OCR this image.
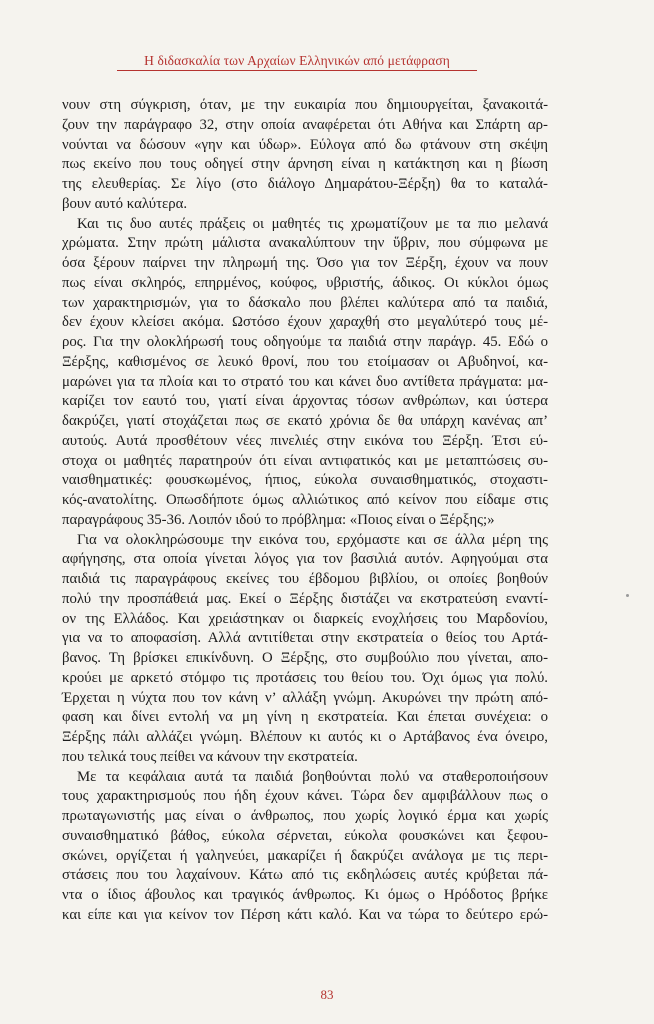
Η διδασκαλία των Αρχαίων Ελληνικών από μετάφραση
νουν στη σύγκριση, όταν, με την ευκαιρία που δημιουργείται, ξανακοιτά-
ζουν την παράγραφο 32, στην οποία αναφέρεται ότι Αθήνα και Σπάρτη αρ-
νούνται να δώσουν «γην και ύδωρ». Εύλογα από δω φτάνουν στη σκέψη
πως εκείνο που τους οδηγεί στην άρνηση είναι η κατάκτηση και η βίωση
της ελευθερίας. Σε λίγο (στο διάλογο Δημαράτου-Ξέρξη) θα το καταλά-
βουν αυτό καλύτερα.
Και τις δυο αυτές πράξεις οι μαθητές τις χρωματίζουν με τα πιο μελανά
χρώματα. Στην πρώτη μάλιστα ανακαλύπτουν την ὕβριν, που σύμφωνα με
όσα ξέρουν παίρνει την πληρωμή της. Όσο για τον Ξέρξη, έχουν να πουν
πως είναι σκληρός, επηρμένος, κούφος, υβριστής, άδικος. Οι κύκλοι όμως
των χαρακτηρισμών, για το δάσκαλο που βλέπει καλύτερα από τα παιδιά,
δεν έχουν κλείσει ακόμα. Ωστόσο έχουν χαραχθή στο μεγαλύτερό τους μέ-
ρος. Για την ολοκλήρωσή τους οδηγούμε τα παιδιά στην παράγρ. 45. Εδώ ο
Ξέρξης, καθισμένος σε λευκό θρονί, που του ετοίμασαν οι Αβυδηνοί, κα-
μαρώνει για τα πλοία και το στρατό του και κάνει δυο αντίθετα πράγματα: μα-
καρίζει τον εαυτό του, γιατί είναι άρχοντας τόσων ανθρώπων, και ύστερα
δακρύζει, γιατί στοχάζεται πως σε εκατό χρόνια δε θα υπάρχη κανένας απ’
αυτούς. Αυτά προσθέτουν νέες πινελιές στην εικόνα του Ξέρξη. Έτσι εύ-
στοχα οι μαθητές παρατηρούν ότι είναι αντιφατικός και με μεταπτώσεις συ-
ναισθηματικές: φουσκωμένος, ήπιος, εύκολα συναισθηματικός, στοχαστι-
κός-ανατολίτης. Οπωσδήποτε όμως αλλιώτικος από κείνον που είδαμε στις
παραγράφους 35-36. Λοιπόν ιδού το πρόβλημα: «Ποιος είναι ο Ξέρξης;»
Για να ολοκληρώσουμε την εικόνα του, ερχόμαστε και σε άλλα μέρη της
αφήγησης, στα οποία γίνεται λόγος για τον βασιλιά αυτόν. Αφηγούμαι στα
παιδιά τις παραγράφους εκείνες του έβδομου βιβλίου, οι οποίες βοηθούν
πολύ την προσπάθειά μας. Εκεί ο Ξέρξης διστάζει να εκστρατεύση εναντί-
ον της Ελλάδος. Και χρειάστηκαν οι διαρκείς ενοχλήσεις του Μαρδονίου,
για να το αποφασίση. Αλλά αντιτίθεται στην εκστρατεία ο θείος του Αρτά-
βανος. Τη βρίσκει επικίνδυνη. Ο Ξέρξης, στο συμβούλιο που γίνεται, απο-
κρούει με αρκετό στόμφο τις προτάσεις του θείου του. Όχι όμως για πολύ.
Έρχεται η νύχτα που τον κάνη ν’ αλλάξη γνώμη. Ακυρώνει την πρώτη από-
φαση και δίνει εντολή να μη γίνη η εκστρατεία. Και έπεται συνέχεια: ο
Ξέρξης πάλι αλλάζει γνώμη. Βλέπουν κι αυτός κι ο Αρτάβανος ένα όνειρο,
που τελικά τους πείθει να κάνουν την εκστρατεία.
Με τα κεφάλαια αυτά τα παιδιά βοηθούνται πολύ να σταθεροποιήσουν
τους χαρακτηρισμούς που ήδη έχουν κάνει. Τώρα δεν αμφιβάλλουν πως ο
πρωταγωνιστής μας είναι ο άνθρωπος, που χωρίς λογικό έρμα και χωρίς
συναισθηματικό βάθος, εύκολα σέρνεται, εύκολα φουσκώνει και ξεφου-
σκώνει, οργίζεται ή γαληνεύει, μακαρίζει ή δακρύζει ανάλογα με τις περι-
στάσεις που του λαχαίνουν. Κάτω από τις εκδηλώσεις αυτές κρύβεται πά-
ντα ο ίδιος άβουλος και τραγικός άνθρωπος. Κι όμως ο Ηρόδοτος βρήκε
και είπε και για κείνον τον Πέρση κάτι καλό. Και να τώρα το δεύτερο ερώ-
83
